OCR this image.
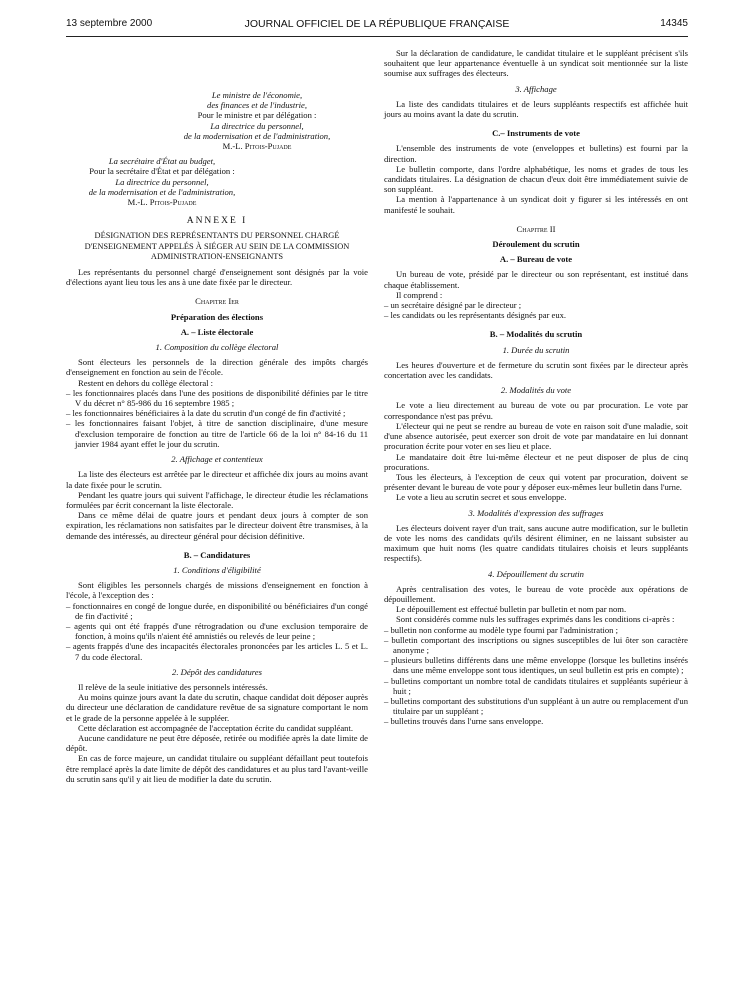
13 septembre 2000	JOURNAL OFFICIEL DE LA RÉPUBLIQUE FRANÇAISE	14345

Le ministre de l'économie,

des finances et de l'industrie,

Pour le ministre et par délégation :

La directrice du personnel,

de la modernisation et de l'administration,

M.-L. Pitois-Pujade

La secrétaire d'État au budget,

Pour la secrétaire d'État et par délégation :

La directrice du personnel,

de la modernisation et de l'administration,

M.-L. Pitois-Pujade

ANNEXE I

DÉSIGNATION DES REPRÉSENTANTS DU PERSONNEL CHARGÉ D'ENSEIGNEMENT APPELÉS À SIÉGER AU SEIN DE LA COMMISSION ADMINISTRATION-ENSEIGNANTS

Les représentants du personnel chargé d'enseignement sont désignés par la voie d'élections ayant lieu tous les ans à une date fixée par le directeur.

Chapitre Ier

Préparation des élections

A. – Liste électorale

1. Composition du collège électoral

Sont électeurs les personnels de la direction générale des impôts chargés d'enseignement en fonction au sein de l'école.

Restent en dehors du collège électoral :

– les fonctionnaires placés dans l'une des positions de disponibilité définies par le titre V du décret n° 85-986 du 16 septembre 1985 ;

– les fonctionnaires bénéficiaires à la date du scrutin d'un congé de fin d'activité ;

– les fonctionnaires faisant l'objet, à titre de sanction disciplinaire, d'une mesure d'exclusion temporaire de fonction au titre de l'article 66 de la loi n° 84-16 du 11 janvier 1984 ayant effet le jour du scrutin.

2. Affichage et contentieux

La liste des électeurs est arrêtée par le directeur et affichée dix jours au moins avant la date fixée pour le scrutin.

Pendant les quatre jours qui suivent l'affichage, le directeur étudie les réclamations formulées par écrit concernant la liste électorale.

Dans ce même délai de quatre jours et pendant deux jours à compter de son expiration, les réclamations non satisfaites par le directeur doivent être transmises, à la demande des intéressés, au directeur général pour décision définitive.

B. – Candidatures

1. Conditions d'éligibilité

Sont éligibles les personnels chargés de missions d'enseignement en fonction à l'école, à l'exception des :

– fonctionnaires en congé de longue durée, en disponibilité ou bénéficiaires d'un congé de fin d'activité ;

– agents qui ont été frappés d'une rétrogradation ou d'une exclusion temporaire de fonction, à moins qu'ils n'aient été amnistiés ou relevés de leur peine ;

– agents frappés d'une des incapacités électorales prononcées par les articles L. 5 et L. 7 du code électoral.

2. Dépôt des candidatures

Il relève de la seule initiative des personnels intéressés.

Au moins quinze jours avant la date du scrutin, chaque candidat doit déposer auprès du directeur une déclaration de candidature revêtue de sa signature comportant le nom et le grade de la personne appelée à le suppléer.

Cette déclaration est accompagnée de l'acceptation écrite du candidat suppléant.

Aucune candidature ne peut être déposée, retirée ou modifiée après la date limite de dépôt.

En cas de force majeure, un candidat titulaire ou suppléant défaillant peut toutefois être remplacé après la date limite de dépôt des candidatures et au plus tard l'avant-veille du scrutin sans qu'il y ait lieu de modifier la date du scrutin.

Sur la déclaration de candidature, le candidat titulaire et le suppléant précisent s'ils souhaitent que leur appartenance éventuelle à un syndicat soit mentionnée sur la liste soumise aux suffrages des électeurs.

3. Affichage

La liste des candidats titulaires et de leurs suppléants respectifs est affichée huit jours au moins avant la date du scrutin.

C.– Instruments de vote

L'ensemble des instruments de vote (enveloppes et bulletins) est fourni par la direction.

Le bulletin comporte, dans l'ordre alphabétique, les noms et grades de tous les candidats titulaires. La désignation de chacun d'eux doit être immédiatement suivie de son suppléant.

La mention à l'appartenance à un syndicat doit y figurer si les intéressés en ont manifesté le souhait.

Chapitre II

Déroulement du scrutin

A. – Bureau de vote

Un bureau de vote, présidé par le directeur ou son représentant, est institué dans chaque établissement.

Il comprend :

– un secrétaire désigné par le directeur ;

– les candidats ou les représentants désignés par eux.

B. – Modalités du scrutin

1. Durée du scrutin

Les heures d'ouverture et de fermeture du scrutin sont fixées par le directeur après concertation avec les candidats.

2. Modalités du vote

Le vote a lieu directement au bureau de vote ou par procuration. Le vote par correspondance n'est pas prévu.

L'électeur qui ne peut se rendre au bureau de vote en raison soit d'une maladie, soit d'une absence autorisée, peut exercer son droit de vote par mandataire en lui donnant procuration écrite pour voter en ses lieu et place.

Le mandataire doit être lui-même électeur et ne peut disposer de plus de cinq procurations.

Tous les électeurs, à l'exception de ceux qui votent par procuration, doivent se présenter devant le bureau de vote pour y déposer eux-mêmes leur bulletin dans l'urne.

Le vote a lieu au scrutin secret et sous enveloppe.

3. Modalités d'expression des suffrages

Les électeurs doivent rayer d'un trait, sans aucune autre modification, sur le bulletin de vote les noms des candidats qu'ils désirent éliminer, en ne laissant subsister au maximum que huit noms (les quatre candidats titulaires choisis et leurs suppléants respectifs).

4. Dépouillement du scrutin

Après centralisation des votes, le bureau de vote procède aux opérations de dépouillement.

Le dépouillement est effectué bulletin par bulletin et nom par nom.

Sont considérés comme nuls les suffrages exprimés dans les conditions ci-après :

– bulletin non conforme au modèle type fourni par l'administration ;

– bulletin comportant des inscriptions ou signes susceptibles de lui ôter son caractère anonyme ;

– plusieurs bulletins différents dans une même enveloppe (lorsque les bulletins insérés dans une même enveloppe sont tous identiques, un seul bulletin est pris en compte) ;

– bulletins comportant un nombre total de candidats titulaires et suppléants supérieur à huit ;

– bulletins comportant des substitutions d'un suppléant à un autre ou remplacement d'un titulaire par un suppléant ;

– bulletins trouvés dans l'urne sans enveloppe.
